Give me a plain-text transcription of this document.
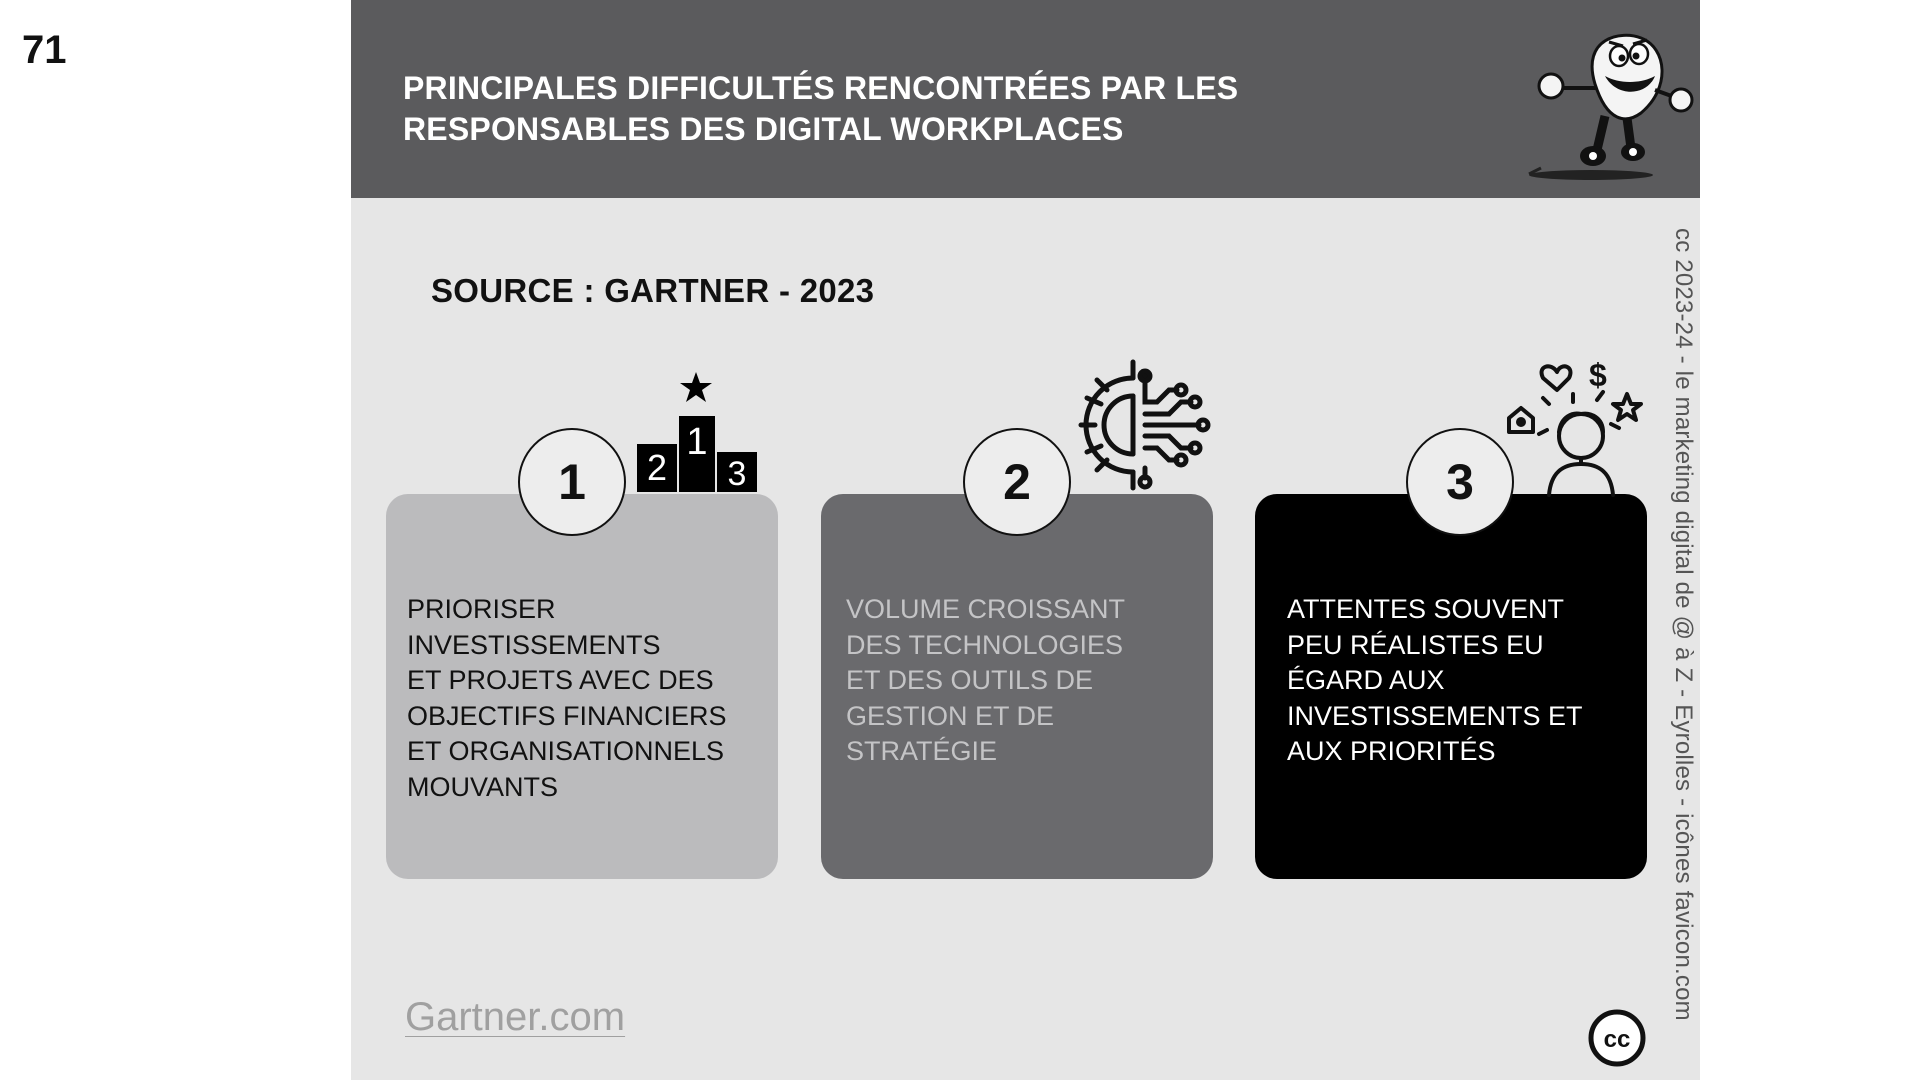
71
PRINCIPALES DIFFICULTÉS RENCONTRÉES PAR LES
RESPONSABLES DES DIGITAL WORKPLACES
SOURCE : GARTNER - 2023
PRIORISER
INVESTISSEMENTS
ET PROJETS AVEC DES
OBJECTIFS FINANCIERS
ET ORGANISATIONNELS
MOUVANTS
1	2
1
3
VOLUME CROISSANT
DES TECHNOLOGIES
ET DES OUTILS DE
GESTION ET DE
STRATÉGIE
2
ATTENTES SOUVENT
PEU RÉALISTES EU
ÉGARD AUX
INVESTISSEMENTS ET
AUX PRIORITÉS
3
$	cc 2023-24 - le marketing digital de @ à Z - Eyrolles - icônes favicon.com
Gartner.com
cc
